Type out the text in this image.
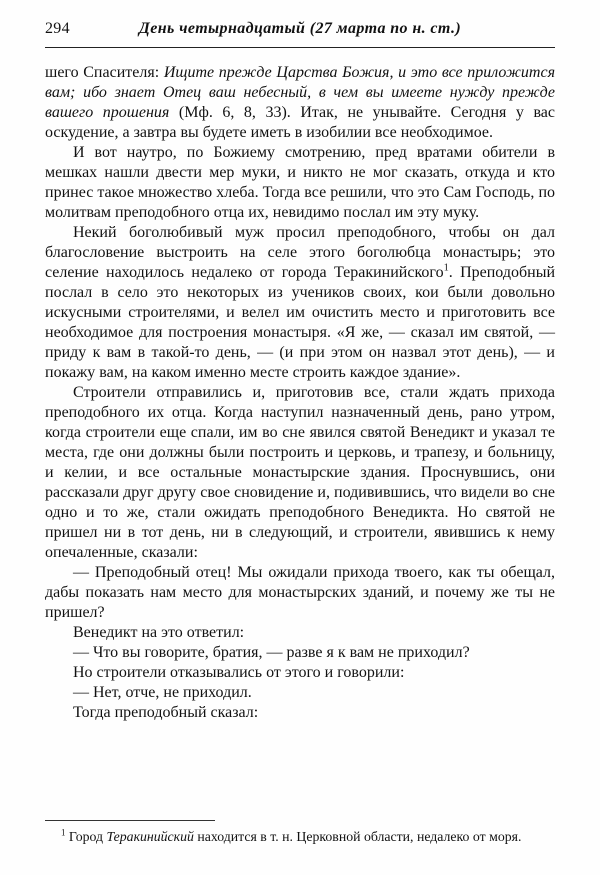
294	День четырнадцатый (27 марта по н. ст.)

шего Спасителя: Ищите прежде Царства Божия, и это все приложится вам; ибо знает Отец ваш небесный, в чем вы имеете нужду прежде вашего прошения (Мф. 6, 8, 33). Итак, не унывайте. Сегодня у вас оскудение, а завтра вы будете иметь в изобилии все необходимое.

И вот наутро, по Божиему смотрению, пред вратами обители в мешках нашли двести мер муки, и никто не мог сказать, откуда и кто принес такое множество хлеба. Тогда все решили, что это Сам Господь, по молитвам преподобного отца их, невидимо послал им эту муку.

Некий боголюбивый муж просил преподобного, чтобы он дал благословение выстроить на селе этого боголюбца монастырь; это селение находилось недалеко от города Теракинийского$^1$. Преподобный послал в село это некоторых из учеников своих, кои были довольно искусными строителями, и велел им очистить место и приготовить все необходимое для построения монастыря. «Я же, — сказал им святой, — приду к вам в такой-то день, — (и при этом он назвал этот день), — и покажу вам, на каком именно месте строить каждое здание».

Строители отправились и, приготовив все, стали ждать прихода преподобного их отца. Когда наступил назначенный день, рано утром, когда строители еще спали, им во сне явился святой Венедикт и указал те места, где они должны были построить и церковь, и трапезу, и больницу, и келии, и все остальные монастырские здания. Проснувшись, они рассказали друг другу свое сновидение и, подивившись, что видели во сне одно и то же, стали ожидать преподобного Венедикта. Но святой не пришел ни в тот день, ни в следующий, и строители, явившись к нему опечаленные, сказали:

— Преподобный отец! Мы ожидали прихода твоего, как ты обещал, дабы показать нам место для монастырских зданий, и почему же ты не пришел?

Венедикт на это ответил:

— Что вы говорите, братия, — разве я к вам не приходил?

Но строители отказывались от этого и говорили:

— Нет, отче, не приходил.

Тогда преподобный сказал:

$^1$ Город Теракинийский находится в т. н. Церковной области, недалеко от моря.
